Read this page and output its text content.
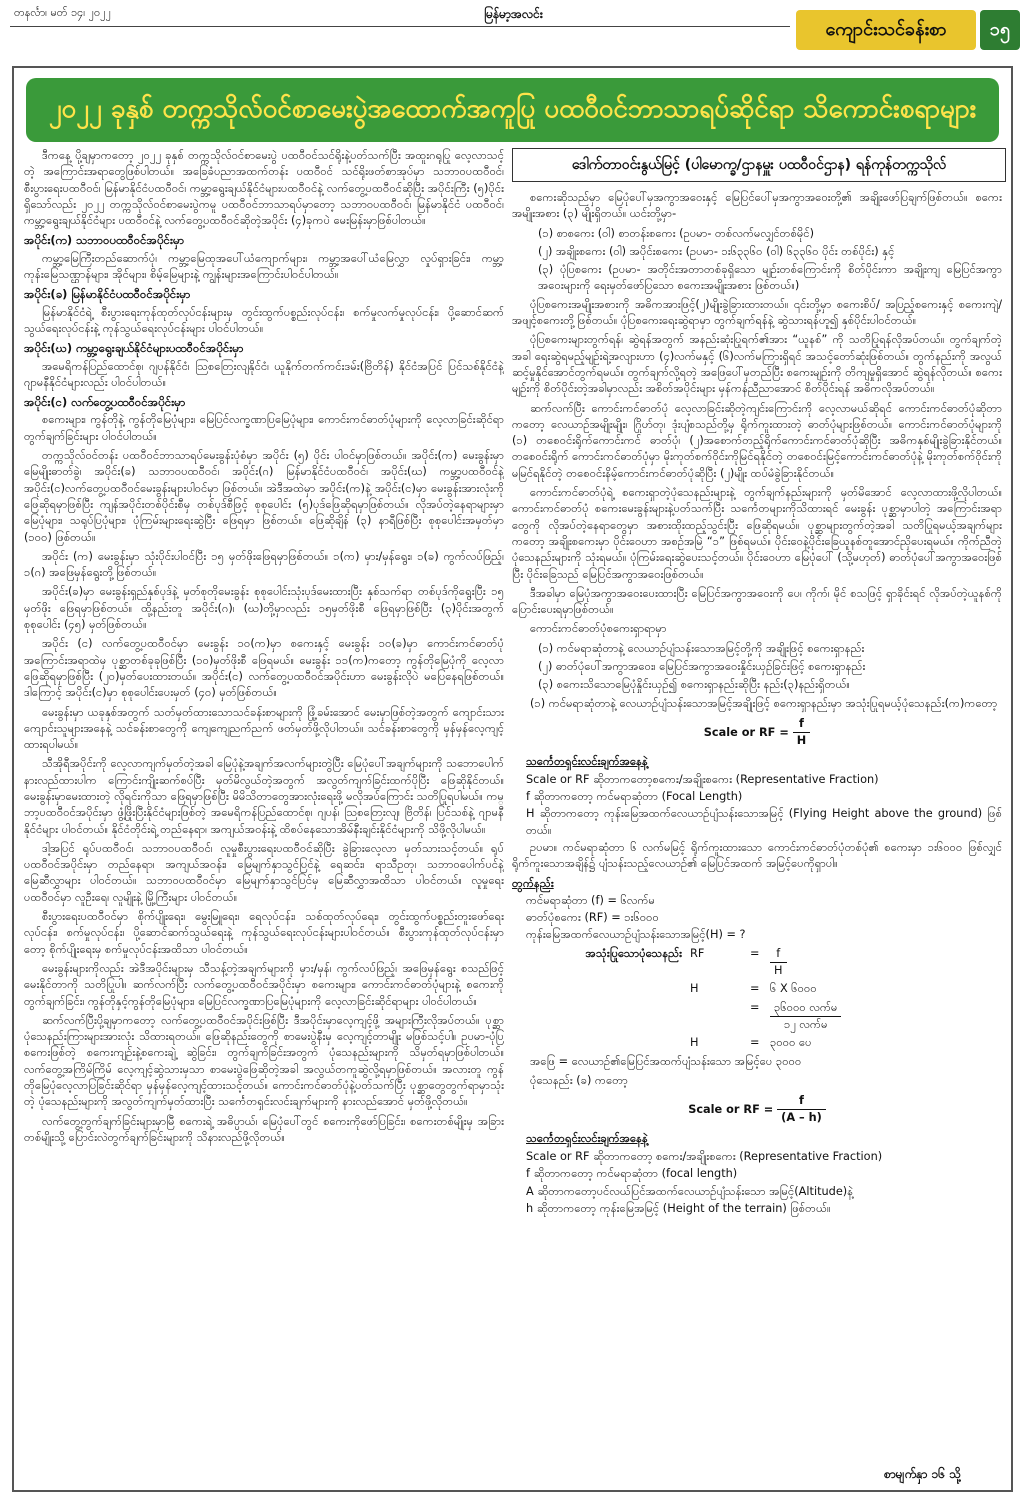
တနင်္လာ၊ မတ် ၁၄၊ ၂၀၂၂	မြန်မာ့အလင်း
ကျောင်းသင်ခန်းစာ	၁၅
၂၀၂၂ ခုနှစ် တက္ကသိုလ်ဝင်စာမေးပွဲအထောက်အကူပြု ပထဝီဝင်ဘာသာရပ်ဆိုင်ရာ သိကောင်းစရာများ
ဒေါက်တာဝင်းနွယ်မြင့် (ပါမောက္ခ/ဌာနမှူး ပထဝီဝင်ဌာန) ရန်ကုန်တက္ကသိုလ်

ဒီကနေ့ ပို့ချမှာကတော့ ၂၀၂၂ ခုနှစ် တက္ကသိုလ်ဝင်စာမေးပွဲ ပထဝီဝင်သင်ရိုးနဲ့ပတ်သက်ပြီး အထူးဂရုပြု လေ့လာသင့်တဲ့ အကြောင်းအရာတွေဖြစ်ပါတယ်။ အခြေခံပညာအထက်တန်း ပထဝီဝင် သင်ရိုးဖတ်စာအုပ်မှာ သဘာဝပထဝီဝင်၊ စီးပွားရေးပထဝီဝင်၊ မြန်မာနိုင်ငံပထဝီဝင်၊ ကမ္ဘာ့ရွေးချယ်နိုင်ငံများပထဝီဝင်နဲ့ လက်တွေ့ပထဝီဝင်ဆိုပြီး အပိုင်းကြီး (၅)ပိုင်းရှိသော်လည်း ၂၀၂၂ တက္ကသိုလ်ဝင်စာမေးပွဲကမူ ပထဝီဝင်ဘာသာရပ်မှာတော့ သဘာဝပထဝီဝင်၊ မြန်မာနိုင်ငံ ပထဝီဝင်၊ ကမ္ဘာ့ရွေးချယ်နိုင်ငံများ ပထဝီဝင်နဲ့ လက်တွေ့ပထဝီဝင်ဆိုတဲ့အပိုင်း (၄)ခုကပဲ မေးမြန်းမှာဖြစ်ပါတယ်။

အပိုင်း(က) သဘာဝပထဝီဝင်အပိုင်းမှာ

ကမ္ဘာ့မြေကြီးတည်ဆောက်ပုံ၊ ကမ္ဘာ့မြေထုအပေါ်ယံကျောက်များ၊ ကမ္ဘာ့အပေါ်ယံမြေလွှာ လှုပ်ရှားခြင်း၊ ကမ္ဘာ့ကုန်းမြေသဏ္ဌာန်များ၊ အိုင်များ၊ စိမ့်မြေများနဲ့ ကျွန်းများအကြောင်းပါဝင်ပါတယ်။

အပိုင်း(ခ) မြန်မာနိုင်ငံပထဝီဝင်အပိုင်းမှာ

မြန်မာနိုင်ငံရဲ့ စီးပွားရေးကုန်ထုတ်လုပ်ငန်းများမှ တွင်းထွက်ပစ္စည်းလုပ်ငန်း၊ စက်မှုလက်မှုလုပ်ငန်း၊ ပို့ဆောင်ဆက်သွယ်ရေးလုပ်ငန်းနဲ့ ကုန်သွယ်ရေးလုပ်ငန်းများ ပါဝင်ပါတယ်။

အပိုင်း(ဃ) ကမ္ဘာ့ရွေးချယ်နိုင်ငံများပထဝီဝင်အပိုင်းမှာ

အမေရိကန်ပြည်ထောင်စု၊ ဂျပန်နိုင်ငံ၊ ဩစတြေးလျနိုင်ငံ၊ ယူနိုက်တက်ကင်းဒမ်း(ဗြိတိန်) နိုင်ငံအပြင် ပြင်သစ်နိုင်ငံနဲ့ ဂျာမနီနိုင်ငံများလည်း ပါဝင်ပါတယ်။

အပိုင်း(င) လက်တွေ့ပထဝီဝင်အပိုင်းမှာ

စကေးများ၊ ကွန်တိုနဲ့ ကွန်တိုမြေပုံများ၊ မြေပြင်လက္ခဏာပြမြေပုံများ၊ ကောင်းကင်ဓာတ်ပုံများကို လေ့လာခြင်းဆိုင်ရာ တွက်ချက်ခြင်းများ ပါဝင်ပါတယ်။

တက္ကသိုလ်ဝင်တန်း ပထဝီဝင်ဘာသာရပ်မေးခွန်းပုံစံမှာ အပိုင်း (၅) ပိုင်း ပါဝင်မှာဖြစ်တယ်။ အပိုင်း(က) မေးခွန်းမှာ မြေမျိုးဓာတ်ခွဲ၊ အပိုင်း(ခ) သဘာဝပထဝီဝင်၊ အပိုင်း(ဂ) မြန်မာနိုင်ငံပထဝီဝင်၊ အပိုင်း(ဃ) ကမ္ဘာ့ပထဝီဝင်နဲ့ အပိုင်း(င)လက်တွေ့ပထဝီဝင်မေးခွန်းများပါဝင်မှာ ဖြစ်တယ်။ အဲဒီအထဲမှာ အပိုင်း(က)နဲ့ အပိုင်း(င)မှာ မေးခွန်းအားလုံးကို ဖြေဆိုရမှာဖြစ်ပြီး ကျန်အပိုင်းတစ်ပိုင်းစီမှ တစ်ပုဒ်စီဖြင့် စုစုပေါင်း (၅)ပုဒ်ဖြေဆိုရမှာဖြစ်တယ်။ လိုအပ်တဲ့နေရာများမှာ မြေပုံများ၊ သရုပ်ပြပုံများ၊ ပုံကြမ်းများရေးဆွဲပြီး ဖြေရမှာ ဖြစ်တယ်။ ဖြေဆိုချိန် (၃) နာရီဖြစ်ပြီး စုစုပေါင်းအမှတ်မှာ (၁၀၀) ဖြစ်တယ်။

အပိုင်း (က) မေးခွန်းမှာ သုံးပိုင်းပါဝင်ပြီး ၁၅ မှတ်ဖိုးဖြေရမှာဖြစ်တယ်။ ၁(က) မှား/မှန်ရွေး၊ ၁(ခ) ကွက်လပ်ဖြည့်၊ ၁(ဂ) အဖြေမှန်ရွေးတို့ဖြစ်တယ်။

အပိုင်း(ခ)မှာ မေးခွန်းရှည်နှစ်ပုဒ်နဲ့ မှတ်စုတိုမေးခွန်း စုစုပေါင်းသုံးပုဒ်မေးထားပြီး နှစ်သက်ရာ တစ်ပုဒ်ကိုရွေးပြီး ၁၅ မှတ်ဖိုး ဖြေရမှာဖြစ်တယ်။ ထို့နည်းတူ အပိုင်း(ဂ)၊ (ဃ)တို့မှာလည်း ၁၅မှတ်ဖိုးစီ ဖြေရမှာဖြစ်ပြီး (၃)ပိုင်းအတွက် စုစုပေါင်း (၄၅) မှတ်ဖြစ်တယ်။

အပိုင်း (င) လက်တွေ့ပထဝီဝင်မှာ မေးခွန်း ၁၀(က)မှာ စကေးနှင့် မေးခွန်း ၁၀(ခ)မှာ ကောင်းကင်ဓာတ်ပုံအကြောင်းအရာထဲမှ ပုစ္ဆာတစ်ခုခုဖြစ်ပြီး (၁၀)မှတ်ဖိုးစီ ဖြေရမယ်။ မေးခွန်း ၁၁(က)ကတော့ ကွန်တိုမြေပုံကို လေ့လာဖြေဆိုရမှာဖြစ်ပြီး (၂၀)မှတ်ပေးထားတယ်။ အပိုင်း(င) လက်တွေ့ပထဝီဝင်အပိုင်းဟာ မေးခွန်းလိုပဲ မပြေနေရဖြစ်တယ်။ ဒါကြောင့် အပိုင်း(င)မှာ စုစုပေါင်းပေးမှတ် (၄၀) မှတ်ဖြစ်တယ်။

မေးခွန်းမှာ ယခုနှစ်အတွက် သတ်မှတ်ထားသောသင်ခန်းစာများကို ဖြုံ့ခမ်းအောင် မေးမှာဖြစ်တဲ့အတွက် ကျောင်းသား ကျောင်းသူများအနေနဲ့ သင်ခန်းစာတွေကို ကျေကျေညက်ညက် ဖတ်မှတ်ဖို့လိုပါတယ်။ သင်ခန်းစာတွေကို မှန်မှန်လေ့ကျင့်ထားရပါမယ်။

သီအိုရီအပိုင်းကို လေ့လာကျက်မှတ်တဲ့အခါ မြေပုံနဲ့အချက်အလက်များတွဲပြီး မြေပုံပေါ်အချက်များကို သဘောပေါက်နားလည်ထားပါက ကြောင်းကျိုးဆက်စပ်ပြီး မှတ်မိလွယ်တဲ့အတွက် အလွတ်ကျက်ခြင်းထက်ပိုပြီး ဖြေဆိုနိုင်တယ်။ မေးခွန်းမှာမေးထားတဲ့ လိုရင်းကိုသာ ဖြေရမှာဖြစ်ပြီး မိမိသိတာတွေအားလုံးရေးဖို့ မလိုအပ်ကြောင်း သတိပြုရပါမယ်။ ကမ္ဘာ့ပထဝီဝင်အပိုင်းမှာ ဖွံ့ဖြိုးပြီးနိုင်ငံများဖြစ်တဲ့ အမေရိကန်ပြည်ထောင်စု၊ ဂျပန်၊ ဩစတြေးလျ၊ ဗြိတိန်၊ ပြင်သစ်နဲ့ ဂျာမနီနိုင်ငံများ ပါဝင်တယ်။ နိုင်ငံတိုင်းရဲ့ တည်နေရာ၊ အကျယ်အဝန်းနဲ့ ထိစပ်နေသောအိမ်နီးချင်းနိုင်ငံများကို သိဖို့လိုပါမယ်။

ဒါ့အပြင် ရုပ်ပထဝီဝင်၊ သဘာဝပထဝီဝင်၊ လူမှုစီးပွားရေးပထဝီဝင်ဆိုပြီး ခွဲခြားလေ့လာ မှတ်သားသင့်တယ်။ ရုပ်ပထဝီဝင်အပိုင်းမှာ တည်နေရာ၊ အကျယ်အဝန်း၊ မြေမျက်နှာသွင်ပြင်နဲ့ ရေဆင်း၊ ရာသီဥတု၊ သဘာဝပေါက်ပင်နဲ့ မြေဆီလွှာများ ပါဝင်တယ်။ သဘာဝပထဝီဝင်မှာ မြေမျက်နှာသွင်ပြင်မှ မြေဆီလွှာအထိသာ ပါဝင်တယ်။ လူမှုရေးပထဝီဝင်မှာ လူဦးရေ၊ လူမျိုးနဲ့ မြို့ကြီးများ ပါဝင်တယ်။

စီးပွားရေးပထဝီဝင်မှာ စိုက်ပျိုးရေး၊ မွေးမြူရေး၊ ရေလုပ်ငန်း၊ သစ်ထုတ်လုပ်ရေး၊ တွင်းထွက်ပစ္စည်းတူးဖော်ရေးလုပ်ငန်း၊ စက်မှုလုပ်ငန်း၊ ပို့ဆောင်ဆက်သွယ်ရေးနဲ့ ကုန်သွယ်ရေးလုပ်ငန်းများပါဝင်တယ်။ စီးပွားကုန်ထုတ်လုပ်ငန်းမှာတော့ စိုက်ပျိုးရေးမှ စက်မှုလုပ်ငန်းအထိသာ ပါဝင်တယ်။

မေးခွန်းများကိုလည်း အဲဒီအပိုင်းများမှ သီသန့်တဲ့အချက်များကို မှား/မှန်၊ ကွက်လပ်ဖြည့်၊ အဖြေမှန်ရွေး စသည်ဖြင့် မေးနိုင်တာကို သတိပြုပါ။ ဆက်လက်ပြီး လက်တွေ့ပထဝီဝင်အပိုင်းမှာ စကေးများ၊ ကောင်းကင်ဓာတ်ပုံများနဲ့ စကေးကိုတွက်ချက်ခြင်း၊ ကွန်တိုနှင့်ကွန်တိုမြေပုံများ၊ မြေပြင်လက္ခဏာပြမြေပုံများကို လေ့လာခြင်းဆိုင်ရာများ ပါဝင်ပါတယ်။

ဆက်လက်ပြီးပို့ချမှာကတော့ လက်တွေ့ပထဝီဝင်အပိုင်းဖြစ်ပြီး ဒီအပိုင်းမှာလေ့ကျင့်ဖို့ အများကြီးလိုအပ်တယ်။ ပုစ္ဆာပုံသေနည်းကြားများအားလုံး သိထားရတယ်။ ဖြေဆိုနည်းတွေကို စာမေးပွဲနီးမှ လေ့ကျင့်တာမျိုး မဖြစ်သင့်ပါ။ ဥပမာ-ပုံပြစကေးဖြစ်တဲ့ စကေးကျဉ်းနဲ့စကေးချဲ့ ဆွဲခြင်း၊ တွက်ချက်ခြင်းအတွက် ပုံသေနည်းများကို သိမှတ်ရမှာဖြစ်ပါတယ်။ လက်တွေ့အကြိမ်ကြိမ် လေ့ကျင့်ဆွဲသားမှသာ စာမေးပွဲဖြေဆိုတဲ့အခါ အလွယ်တကူဆွဲလို့ရမှာဖြစ်တယ်။ အလားတူ ကွန်တိုမြေပုံလေ့လာပြခြင်းဆိုင်ရာ မှန်မှန်လေ့ကျင့်ထားသင့်တယ်။ ကောင်းကင်ဓာတ်ပုံနဲ့ပတ်သက်ပြီး ပုစ္ဆာတွေတွက်ရာမှာသုံးတဲ့ ပုံသေနည်းများကို အလွတ်ကျက်မှတ်ထားပြီး သင်္ကေတရှင်းလင်းချက်များကို နားလည်အောင် မှတ်ဖို့လိုတယ်။

လက်တွေ့တွက်ချက်ခြင်းများမှာမြီ စကေးရဲ့ အဓိပ္ပာယ်၊ မြေပုံပေါ်တွင် စကေးကိုဖော်ပြခြင်း၊ စကေးတစ်မျိုးမှ အခြားတစ်မျိုးသို့ ပြောင်းလဲတွက်ချက်ခြင်းများကို သိနားလည်ဖို့လိုတယ်။

စကေးဆိုသည်မှာ မြေပုံပေါ်မှအကွာအဝေးနှင့် မြေပြင်ပေါ်မှအကွာအဝေးတို့၏ အချိုးဖော်ပြချက်ဖြစ်တယ်။ စကေးအမျိုးအစား (၃) မျိုးရှိတယ်။ ယင်းတို့မှာ-

(၁) စာစကေး (ဝါ) စာတန်းစကေး (ဥပမာ- တစ်လက်မလျှင်တစ်မိုင်)
(၂) အချိုးစကေး (ဝါ) အပိုင်းစကေး (ဥပမာ- ၁း၆၃၃၆၀ (ဝါ) ၆၃၃၆၀ ပိုင်း တစ်ပိုင်း) နှင့်
(၃) ပုံပြစကေး (ဥပမာ- အတိုင်းအတာတစ်ခုရှိသော မျဉ်းတစ်ကြောင်းကို စိတ်ပိုင်းကာ အချိုးကျ မြေပြင်အကွာအဝေးများကို ရေးမှတ်ဖော်ပြသော စကေးအမျိုးအစား ဖြစ်တယ်။)

ပုံပြစကေးအမျိုးအစားကို အဓိကအားဖြင့်(၂)မျိုးခွဲခြားထားတယ်။ ၎င်းတို့မှာ စကေးစိပ်/ အပြည့်စကေးနှင့် စကေးကျဲ/အဖျင့်စကေးတို့ဖြစ်တယ်။ ပုံပြစကေးရေးဆွဲရာမှာ တွက်ချက်ရန်နဲ့ ဆွဲသားရန်ဟူ၍ နှစ်ပိုင်းပါဝင်တယ်။

ပုံပြစကေးများတွက်ရန်၊ ဆွဲရန်အတွက် အနည်းဆုံးပြုရက်၏အား “ယူနစ်” ကို သတိပြုရန်လိုအပ်တယ်။ တွက်ချက်တဲ့အခါ ရေးဆွဲရမည့်မျဉ်းရဲ့အလျားဟာ (၄)လက်မနှင့် (၆)လက်မကြားရှိရင် အသင့်တော်ဆုံးဖြစ်တယ်။ တွက်နည်းကို အလွယ်ဆင့်မှုနိုင်အောင်တွက်ရမယ်။ တွက်ချက်လို့ရတဲ့ အဖြေပေါ်မှတည်ပြီး စကေးမျဉ်းကို တိကျမှုရှိအောင် ဆွဲရန်လိုတယ်။ စကေးမျဉ်းကို စိတ်ပိုင်းတဲ့အခါမှာလည်း အစိတ်အပိုင်းများ မှန်ကန်ညီညာအောင် စိတ်ပိုင်းရန် အဓိကလိုအပ်တယ်။

ဆက်လက်ပြီး ကောင်းကင်ဓာတ်ပုံ လေ့လာခြင်းဆိုတဲ့ကျင်းကြောင်းကို လေ့လာမယ်ဆိုရင် ကောင်းကင်ဓာတ်ပုံဆိုတာကတော့ လေယာဉ်အမျိုးမျိုး၊ ဂြိုဟ်တု၊ ဒုံးပျံစသည်တို့မှ ရိုက်ကူးထားတဲ့ ဓာတ်ပုံများဖြစ်တယ်။ ကောင်းကင်ဓာတ်ပုံများကို (၁) တစေဝင်းရိုက်ကောင်းကင် ဓာတ်ပုံ၊ (၂)အစောက်တည့်ရိုက်ကောင်းကင်ဓာတ်ပုံဆိုပြီး အဓိကနှစ်မျိုးခွဲခြားနိုင်တယ်။ တစေဝင်းရိုက် ကောင်းကင်ဓာတ်ပုံမှာ မိုးကုတ်စက်ဝိုင်းကိုမြင်ရနိုင်တဲ့ တစေဝင်းမြင့်ကောင်းကင်ဓာတ်ပုံနဲ့ မိုးကုတ်စက်ဝိုင်းကိုမမြင်ရနိုင်တဲ့ တစေဝင်းနိမ့်ကောင်းကင်ဓာတ်ပုံဆိုပြီး (၂)မျိုး ထပ်မံခွဲခြားနိုင်တယ်။

ကောင်းကင်ဓာတ်ပုံရဲ့ စကေးရှာတဲ့ပုံသေနည်းများနဲ့ တွက်ချက်နည်းများကို မှတ်မိအောင် လေ့လာထားဖို့လိုပါတယ်။ ကောင်းကင်ဓာတ်ပုံ စကေးမေးခွန်းများနဲ့ပတ်သက်ပြီး သင်္ကေတများကိုသိထားရင် မေးခွန်း ပုစ္ဆာမှာပါတဲ့ အကြောင်းအရာတွေကို လိုအပ်တဲ့နေရာတွေမှာ အစားထိုးထည့်သွင်းပြီး ဖြေဆိုရမယ်။ ပုစ္ဆာများတွက်တဲ့အခါ သတိပြုရမယ့်အချက်များကတော့ အချိုးစကေးမှာ ပိုင်းဝေဟာ အစဉ်အမြဲ “၁” ဖြစ်ရမယ်။ ပိုင်းဝေနဲ့ပိုင်းခြေယူနစ်တူအောင်ညှိပေးရမယ်။ ကိုက်ညီတဲ့ ပုံသေနည်းများကို သုံးရမယ်။ ပုံကြမ်းရေးဆွဲပေးသင့်တယ်။ ပိုင်းဝေဟာ မြေပုံပေါ် (သို့မဟုတ်) ဓာတ်ပုံပေါ်အကွာအဝေးဖြစ်ပြီး ပိုင်းခြေသည် မြေပြင်အကွာအဝေးဖြစ်တယ်။

ဒီအခါမှာ မြေပုံအကွာအဝေးပေးထားပြီး မြေပြင်အကွာအဝေးကို ပေ၊ ကိုက်၊ မိုင် စသဖြင့် ရှာခိုင်းရင် လိုအပ်တဲ့ယူနစ်ကို ပြောင်းပေးရမှာဖြစ်တယ်။

ကောင်းကင်ဓာတ်ပုံစကေးရှာရာမှာ

(၁) ကင်မရာဆုံတာနဲ့ လေယာဉ်ပျံသန်းသောအမြင့်တို့ကို အချိုးဖြင့် စကေးရှာနည်း
(၂) ဓာတ်ပုံပေါ်အကွာအဝေး၊ မြေပြင်အကွာအဝေးနှိုင်းယှဉ်ခြင်းဖြင့် စကေးရှာနည်း
(၃) စကေးသိသောမြေပုံနှိုင်းယှဉ်၍ စကေးရှာနည်းဆိုပြီး နည်း(၃)နည်းရှိတယ်။

(၁) ကင်မရာဆုံတာနဲ့ လေယာဉ်ပျံသန်းသောအမြင့်အချိုးဖြင့် စကေးရှာနည်းမှာ အသုံးပြုရမယ့်ပုံသေနည်း(က)ကတော့

Scale or RF = $\frac{f}{H}$
သင်္ကေတရှင်းလင်းချက်အနေနဲ့
Scale or RF ဆိုတာကတော့စကေး/အချိုးစကေး (Representative Fraction)
f ဆိုတာကတော့ ကင်မရာဆုံတာ (Focal Length)
H ဆိုတာကတော့ ကုန်းမြေအထက်လေယာဉ်ပျံသန်းသောအမြင့် (Flying Height above the ground) ဖြစ်တယ်။

ဥပမာ။ ကင်မရာဆုံတာ ၆ လက်မမြင့် ရိုက်ကူးထားသော ကောင်းကင်ဓာတ်ပုံတစ်ပုံ၏ စကေးမှာ ၁း၆၀၀၀ ဖြစ်လျှင် ရိုက်ကူးသောအချိန်၌ ပျံသန်းသည့်လေယာဉ်၏ မြေပြင်အထက် အမြင့်ပေကိုရှာပါ။

တွက်နည်း
ကင်မရာဆုံတာ (f) = ၆လက်မ
ဓာတ်ပုံစကေး (RF) = ၁း၆၀၀၀
ကုန်းမြေအထက်လေယာဉ်ပျံသန်းသောအမြင့်(H) = ?
အသုံးပြုသောပုံသေနည်း RF	= $\frac{f}{H}$
H	= ၆ X ၆၀၀၀
= $\frac{\text{၃၆၀၀၀ လက်မ}}{\text{၁၂ လက်မ}}$
H	= ၃၀၀၀ ပေ

အဖြေ = လေယာဉ်၏မြေပြင်အထက်ပျံသန်းသော အမြင့်ပေ ၃၀၀၀

ပုံသေနည်း (ခ) ကတော့

Scale or RF = $\frac{f}{(A - h)}$
သင်္ကေတရှင်းလင်းချက်အနေနဲ့
Scale or RF ဆိုတာကတော့ စကေး/အချိုးစကေး (Representative Fraction)
f ဆိုတာကတော့ ကင်မရာဆုံတာ (focal length)
A ဆိုတာကတော့ပင်လယ်ပြင်အထက်လေယာဉ်ပျံသန်းသော အမြင့်(Altitude)နဲ့
h ဆိုတာကတော့ ကုန်းမြေအမြင့် (Height of the terrain) ဖြစ်တယ်။
စာမျက်နှာ ၁၆ သို့
